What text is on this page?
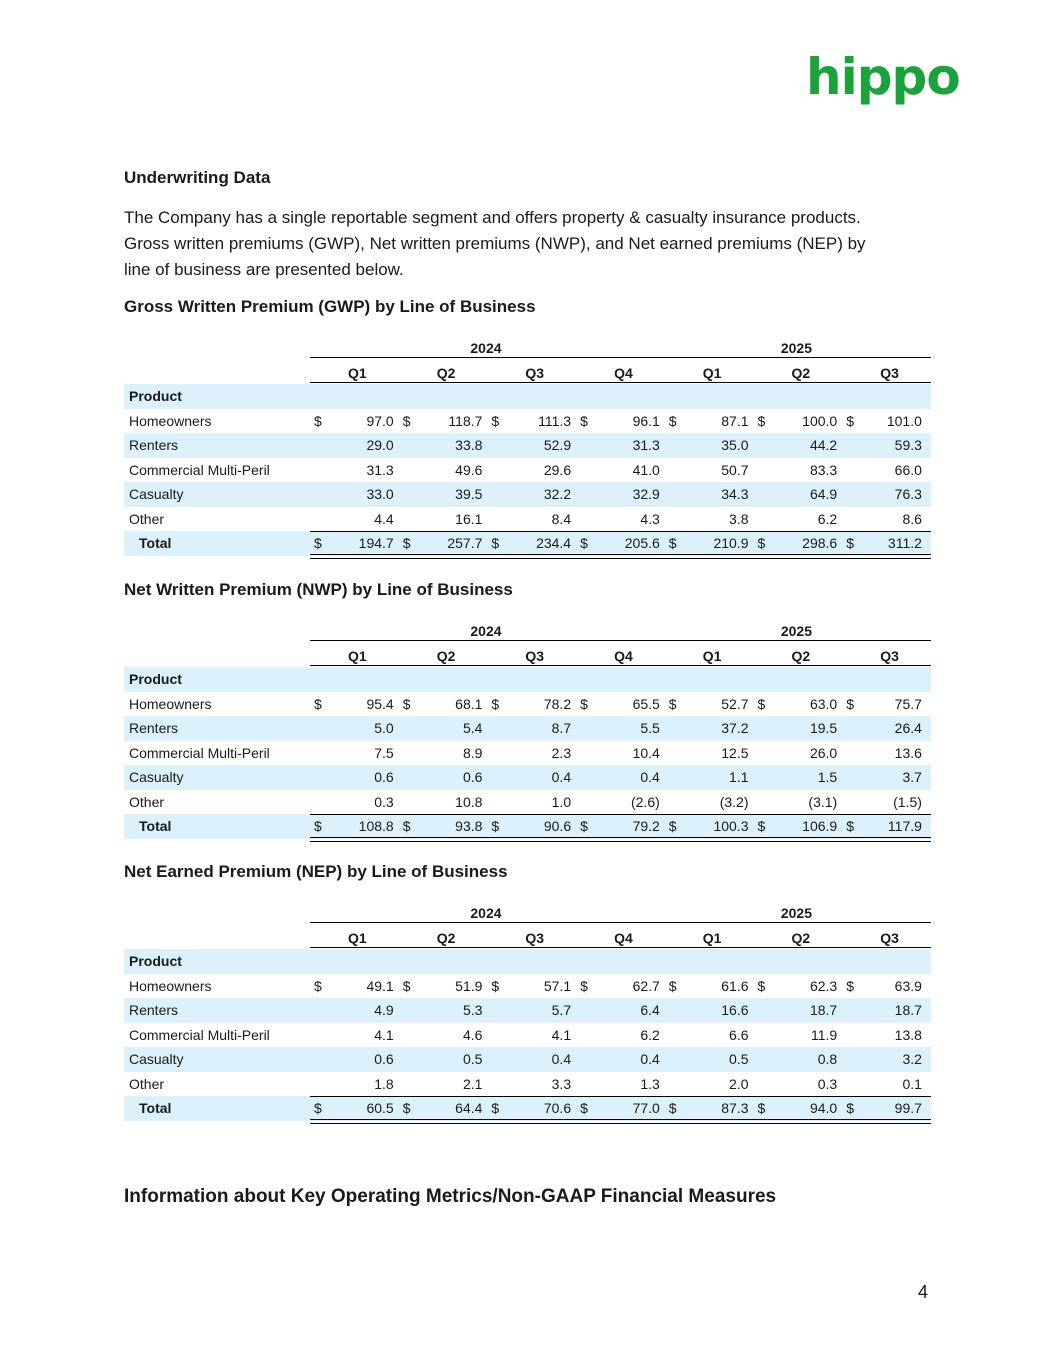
hippo
Underwriting Data

The Company has a single reportable segment and offers property & casualty insurance products.

Gross written premiums (GWP), Net written premiums (NWP), and Net earned premiums (NEP) by

line of business are presented below.

Gross Written Premium (GWP) by Line of Business
2024	2025
Q1	Q2	Q3	Q4	Q1	Q2	Q3
Product
Homeowners	$	97.0 $	118.7 $	111.3 $	96.1 $	87.1 $	100.0 $ 101.0
Renters	29.0	33.8	52.9	31.3	35.0	44.2	59.3
Commercial Multi-Peril	31.3	49.6	29.6	41.0	50.7	83.3	66.0
Casualty	33.0	39.5	32.2	32.9	34.3	64.9	76.3
Other	4.4	16.1	8.4	4.3	3.8	6.2	8.6
Total	$	194.7 $	257.7 $	234.4 $	205.6 $	210.9 $	298.6 $ 311.2
Net Written Premium (NWP) by Line of Business
2024	2025
Q1	Q2	Q3	Q4	Q1	Q2	Q3
Product
Homeowners	$	95.4 $	68.1 $	78.2 $	65.5 $	52.7 $	63.0 $	75.7
Renters	5.0	5.4	8.7	5.5	37.2	19.5	26.4
Commercial Multi-Peril	7.5	8.9	2.3	10.4	12.5	26.0	13.6
Casualty	0.6	0.6	0.4	0.4	1.1	1.5	3.7
Other	0.3	10.8	1.0	(2.6)	(3.2)	(3.1)	(1.5)
Total	$	108.8 $	93.8 $	90.6 $	79.2 $	100.3 $	106.9 $ 117.9
Net Earned Premium (NEP) by Line of Business
2024	2025
Q1	Q2	Q3	Q4	Q1	Q2	Q3
Product
Homeowners	$	49.1 $	51.9 $	57.1 $	62.7 $	61.6 $	62.3 $	63.9
Renters	4.9	5.3	5.7	6.4	16.6	18.7	18.7
Commercial Multi-Peril	4.1	4.6	4.1	6.2	6.6	11.9	13.8
Casualty	0.6	0.5	0.4	0.4	0.5	0.8	3.2
Other	1.8	2.1	3.3	1.3	2.0	0.3	0.1
Total	$	60.5 $	64.4 $	70.6 $	77.0 $	87.3 $	94.0 $	99.7
Information about Key Operating Metrics/Non-GAAP Financial Measures
4
